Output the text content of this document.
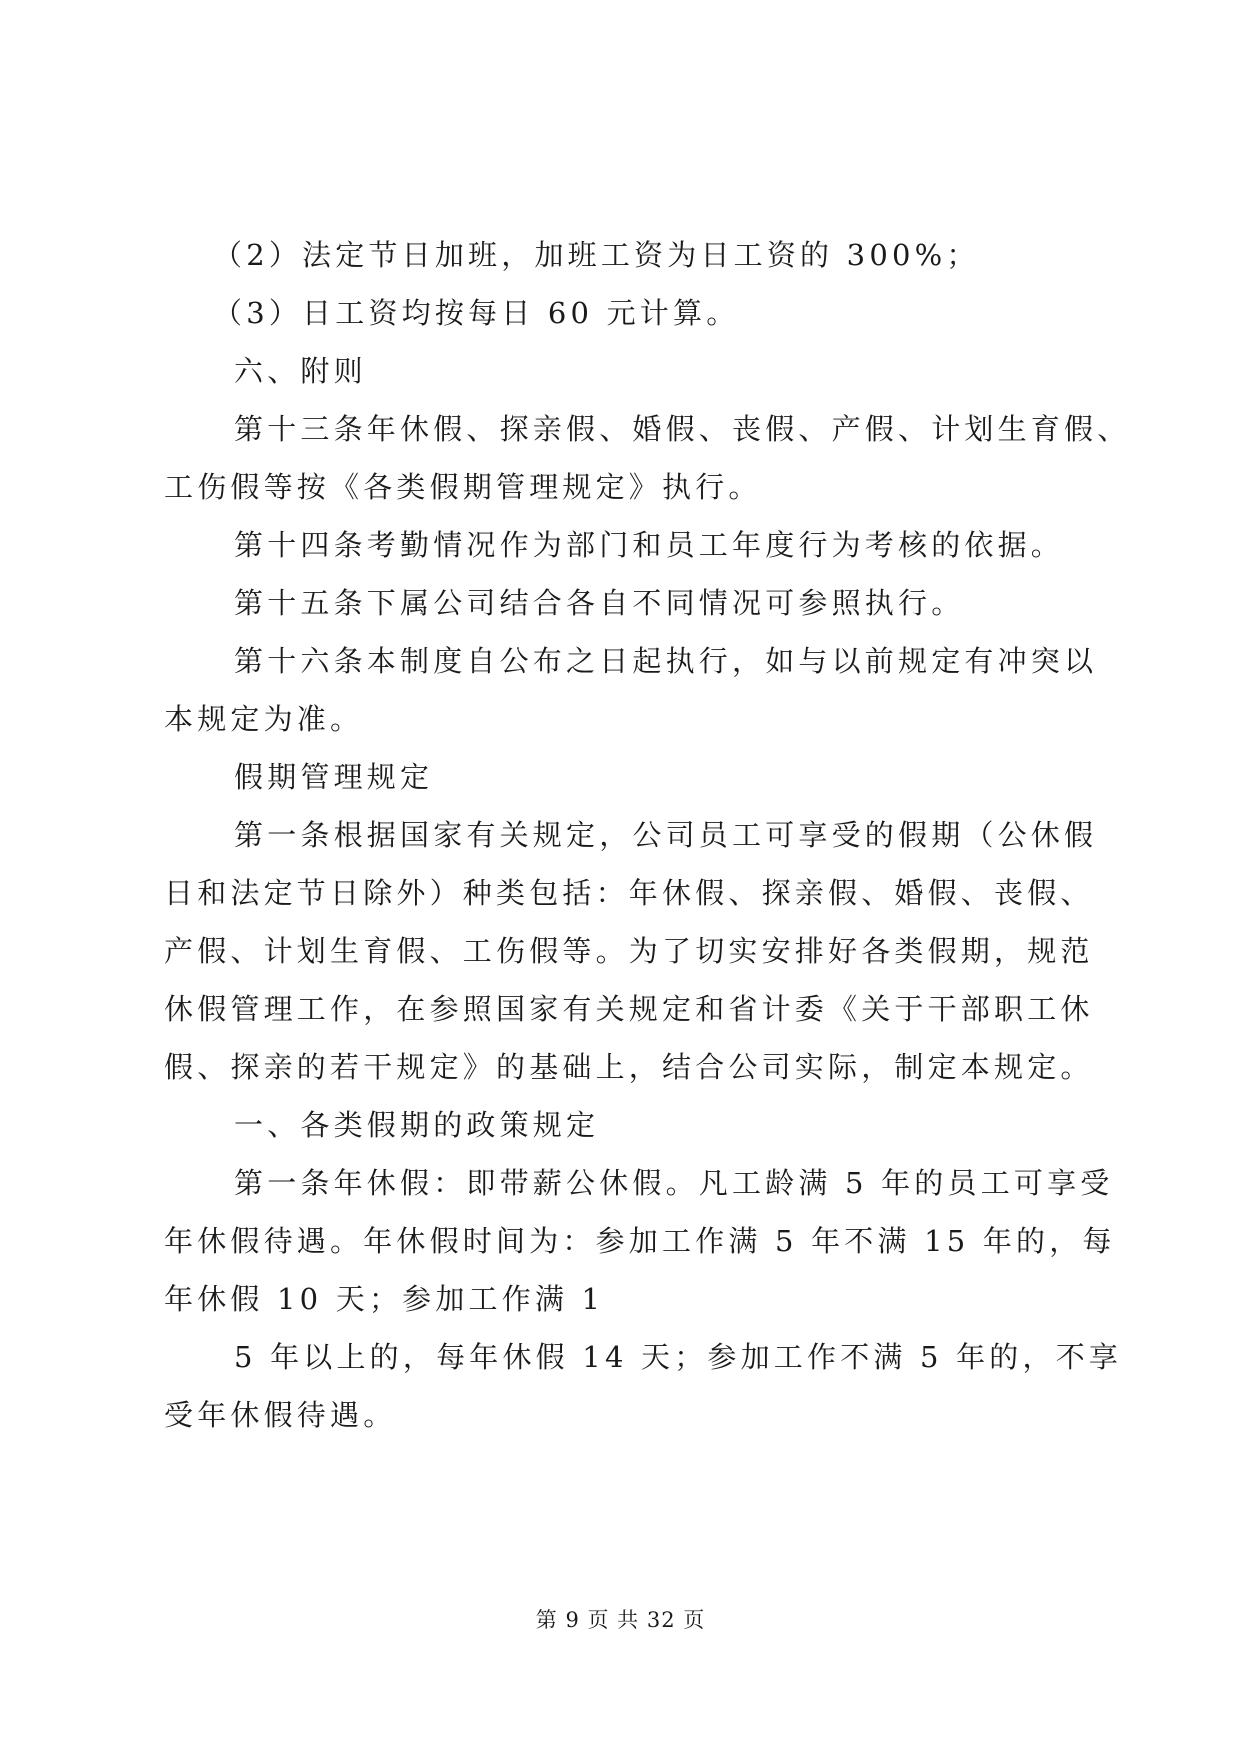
（2）法定节日加班，加班工资为日工资的 300%；
（3）日工资均按每日 60 元计算。
六、附则
第十三条年休假、探亲假、婚假、丧假、产假、计划生育假、
工伤假等按《各类假期管理规定》执行。
第十四条考勤情况作为部门和员工年度行为考核的依据。
第十五条下属公司结合各自不同情况可参照执行。
第十六条本制度自公布之日起执行，如与以前规定有冲突以
本规定为准。
假期管理规定
第一条根据国家有关规定，公司员工可享受的假期（公休假
日和法定节日除外）种类包括：年休假、探亲假、婚假、丧假、
产假、计划生育假、工伤假等。为了切实安排好各类假期，规范
休假管理工作，在参照国家有关规定和省计委《关于干部职工休
假、探亲的若干规定》的基础上，结合公司实际，制定本规定。
一、各类假期的政策规定
第一条年休假：即带薪公休假。凡工龄满 5 年的员工可享受
年休假待遇。年休假时间为：参加工作满 5 年不满 15 年的，每
年休假 10 天；参加工作满 1
5 年以上的，每年休假 14 天；参加工作不满 5 年的，不享
受年休假待遇。
第 9 页 共 32 页
